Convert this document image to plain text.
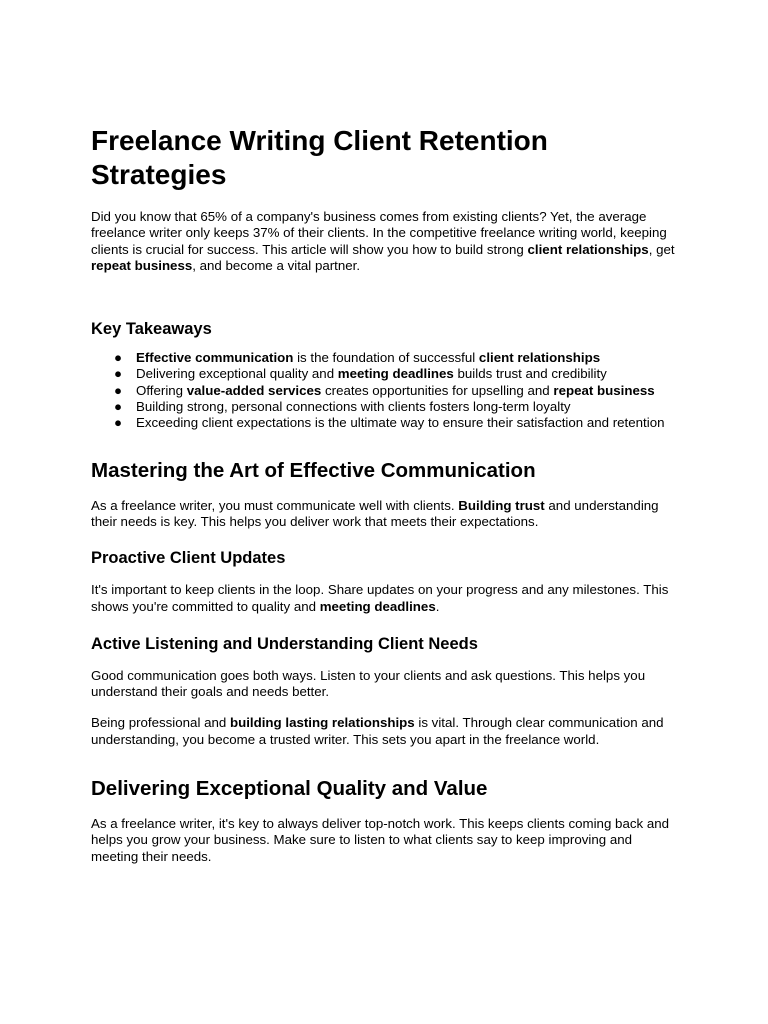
Freelance Writing Client Retention Strategies

Did you know that 65% of a company's business comes from existing clients? Yet, the average freelance writer only keeps 37% of their clients. In the competitive freelance writing world, keeping clients is crucial for success. This article will show you how to build strong client relationships, get repeat business, and become a vital partner.

Key Takeaways
● Effective communication is the foundation of successful client relationships
● Delivering exceptional quality and meeting deadlines builds trust and credibility
● Offering value-added services creates opportunities for upselling and repeat business
● Building strong, personal connections with clients fosters long-term loyalty
● Exceeding client expectations is the ultimate way to ensure their satisfaction and retention
Mastering the Art of Effective Communication

As a freelance writer, you must communicate well with clients. Building trust and understanding their needs is key. This helps you deliver work that meets their expectations.

Proactive Client Updates

It's important to keep clients in the loop. Share updates on your progress and any milestones. This shows you're committed to quality and meeting deadlines.

Active Listening and Understanding Client Needs

Good communication goes both ways. Listen to your clients and ask questions. This helps you understand their goals and needs better.

Being professional and building lasting relationships is vital. Through clear communication and understanding, you become a trusted writer. This sets you apart in the freelance world.

Delivering Exceptional Quality and Value

As a freelance writer, it's key to always deliver top-notch work. This keeps clients coming back and helps you grow your business. Make sure to listen to what clients say to keep improving and meeting their needs.
